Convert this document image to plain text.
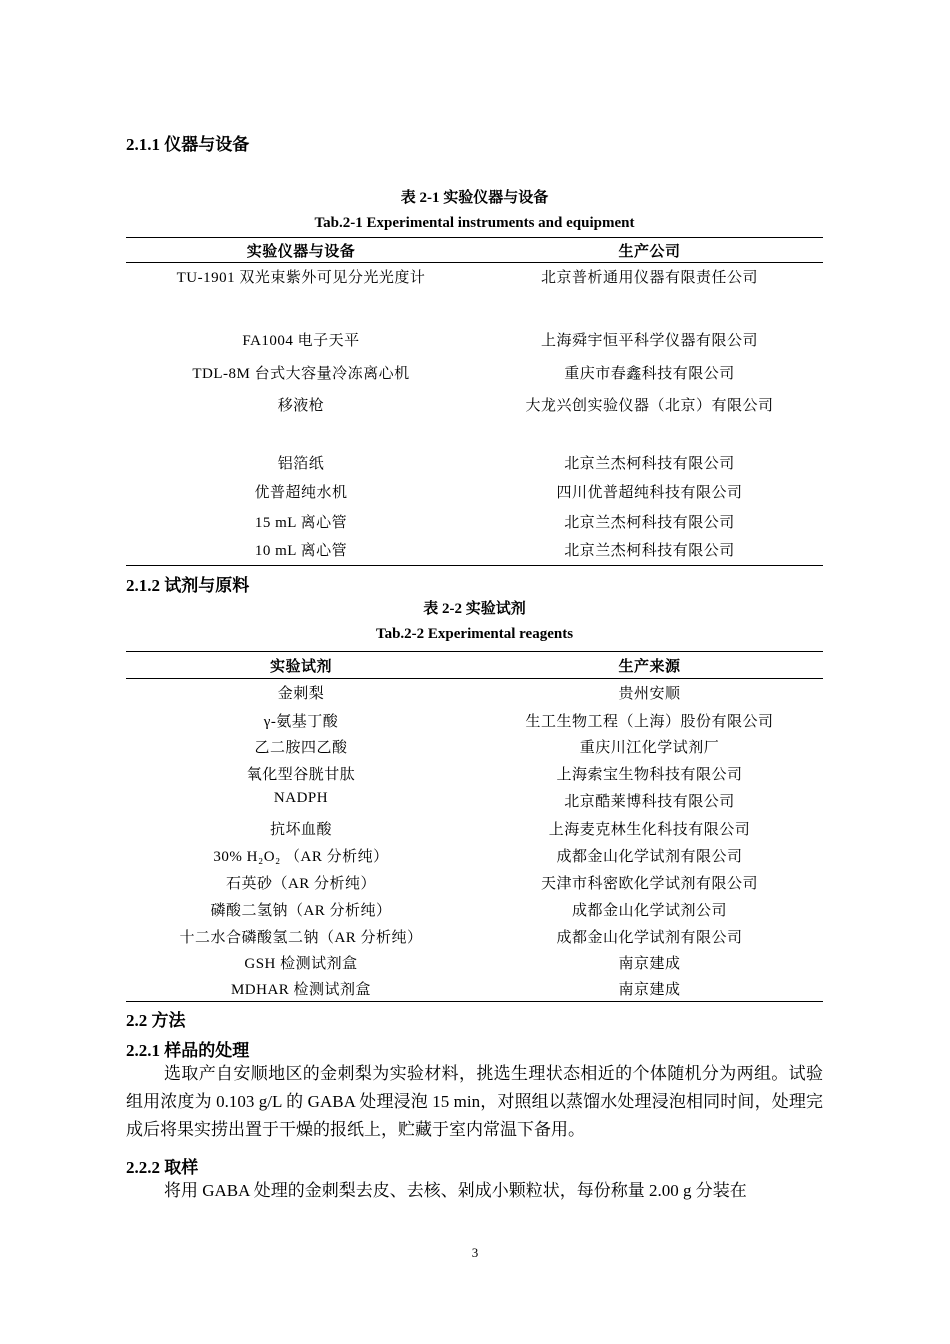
2.1.1 仪器与设备
表 2-1 实验仪器与设备
Tab.2-1 Experimental instruments and equipment
实验仪器与设备	生产公司
TU-1901 双光束紫外可见分光光度计	北京普析通用仪器有限责任公司
FA1004 电子天平	上海舜宇恒平科学仪器有限公司
TDL-8M 台式大容量冷冻离心机	重庆市春鑫科技有限公司
移液枪	大龙兴创实验仪器（北京）有限公司
铝箔纸	北京兰杰柯科技有限公司
优普超纯水机	四川优普超纯科技有限公司
15 mL 离心管	北京兰杰柯科技有限公司
10 mL 离心管	北京兰杰柯科技有限公司
2.1.2 试剂与原料
表 2-2 实验试剂
Tab.2-2 Experimental reagents
实验试剂	生产来源
金刺梨	贵州安顺
γ-氨基丁酸	生工生物工程（上海）股份有限公司
乙二胺四乙酸	重庆川江化学试剂厂
氧化型谷胱甘肽	上海索宝生物科技有限公司
NADPH	北京酷莱博科技有限公司
抗坏血酸	上海麦克林生化科技有限公司
30% H₂O₂ （AR 分析纯）	成都金山化学试剂有限公司
石英砂（AR 分析纯）	天津市科密欧化学试剂有限公司
磷酸二氢钠（AR 分析纯）	成都金山化学试剂公司
十二水合磷酸氢二钠（AR 分析纯）	成都金山化学试剂有限公司
GSH 检测试剂盒	南京建成
MDHAR 检测试剂盒	南京建成
2.2 方法
2.2.1 样品的处理

选取产自安顺地区的金刺梨为实验材料，挑选生理状态相近的个体随机分为两组。试验组用浓度为 0.103 g/L 的 GABA 处理浸泡 15 min，对照组以蒸馏水处理浸泡相同时间，处理完成后将果实捞出置于干燥的报纸上，贮藏于室内常温下备用。

2.2.2 取样

将用 GABA 处理的金刺梨去皮、去核、剁成小颗粒状，每份称量 2.00 g 分装在

3
